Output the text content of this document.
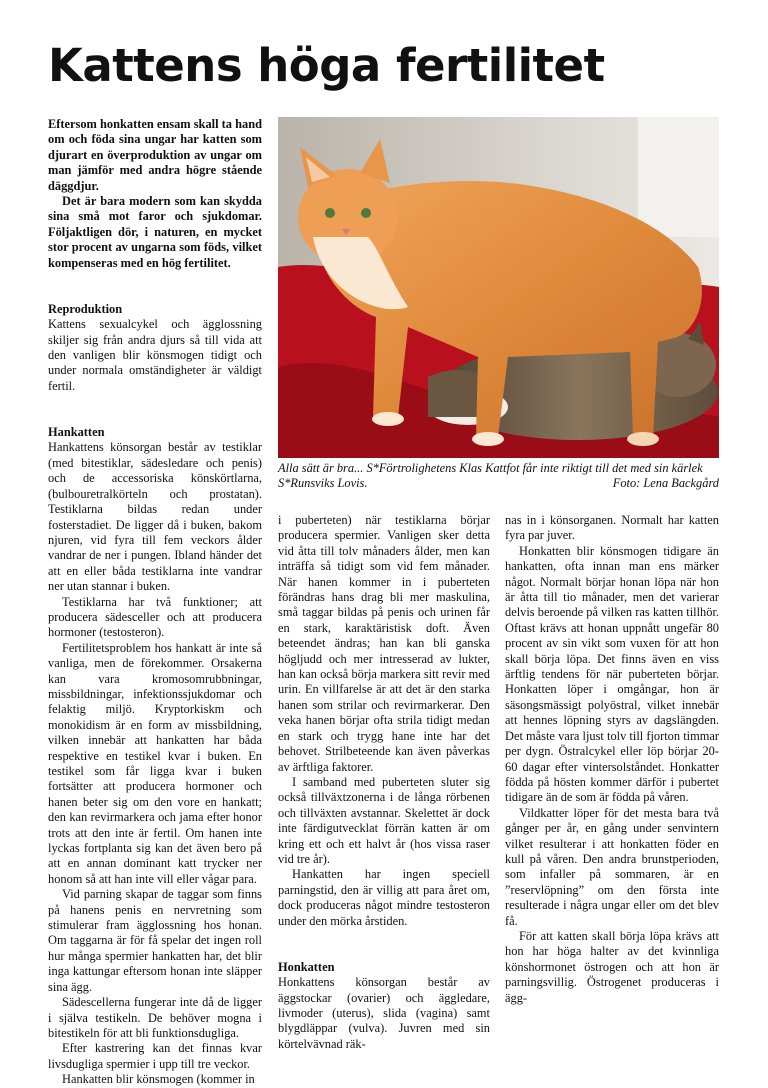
Kattens höga fertilitet

Eftersom honkatten ensam skall ta hand om och föda sina ungar har katten som djurart en överproduktion av ungar om man jämför med andra högre stående däggdjur.

Det är bara modern som kan skydda sina små mot faror och sjukdomar. Följaktligen dör, i naturen, en mycket stor procent av ungarna som föds, vilket kompenseras med en hög fertilitet.

Reproduktion

Kattens sexualcykel och ägglossning skiljer sig från andra djurs så till vida att den vanligen blir könsmogen tidigt och under normala omständigheter är väldigt fertil.

Hankatten

Hankattens könsorgan består av testiklar (med bitestiklar, sädesledare och penis) och de accessoriska könskörtlarna, (bulbouretralkörteln och prostatan). Testiklarna bildas redan under fosterstadiet. De ligger då i buken, bakom njuren, vid fyra till fem veckors ålder vandrar de ner i pungen. Ibland händer det att en eller båda testiklarna inte vandrar ner utan stannar i buken.

Testiklarna har två funktioner; att producera sädesceller och att producera hormoner (testosteron).

Fertilitetsproblem hos hankatt är inte så vanliga, men de förekommer. Orsakerna kan vara kromosomrubbningar, missbildningar, infektionssjukdomar och felaktig miljö. Kryptorkiskm och monokidism är en form av missbildning, vilken innebär att hankatten har båda respektive en testikel kvar i buken. En testikel som får ligga kvar i buken fortsätter att producera hormoner och hanen beter sig om den vore en hankatt; den kan revirmarkera och jama efter honor trots att den inte är fertil. Om hanen inte lyckas fortplanta sig kan det även bero på att en annan dominant katt trycker ner honom så att han inte vill eller vågar para.

Vid parning skapar de taggar som finns på hanens penis en nervretning som stimulerar fram ägglossning hos honan. Om taggarna är för få spelar det ingen roll hur många spermier hankatten har, det blir inga kattungar eftersom honan inte släpper sina ägg.

Sädescellerna fungerar inte då de ligger i själva testikeln. De behöver mogna i bitestikeln för att bli funktionsdugliga.

Efter kastrering kan det finnas kvar livsdugliga spermier i upp till tre veckor.

Hankatten blir könsmogen (kommer in

Alla sätt är bra... S*Förtrolighetens Klas Kattfot får inte riktigt till det med sin kärlek S*Runsviks Lovis.	Foto: Lena Backgård

i puberteten) när testiklarna börjar producera spermier. Vanligen sker detta vid åtta till tolv månaders ålder, men kan inträffa så tidigt som vid fem månader. När hanen kommer in i puberteten förändras hans drag bli mer maskulina, små taggar bildas på penis och urinen får en stark, karaktäristisk doft. Även beteendet ändras; han kan bli ganska högljudd och mer intresserad av lukter, han kan också börja markera sitt revir med urin. En villfarelse är att det är den starka hanen som strilar och revirmarkerar. Den veka hanen börjar ofta strila tidigt medan en stark och trygg hane inte har det behovet. Strilbeteende kan även påverkas av ärftliga faktorer.

I samband med puberteten sluter sig också tillväxtzonerna i de långa rörbenen och tillväxten avstannar. Skelettet är dock inte färdigutvecklat förrän katten är om kring ett och ett halvt år (hos vissa raser vid tre år).

Hankatten har ingen speciell parningstid, den är villig att para året om, dock produceras något mindre testosteron under den mörka årstiden.

Honkatten

Honkattens könsorgan består av äggstockar (ovarier) och äggledare, livmoder (uterus), slida (vagina) samt blygdläppar (vulva). Juvren med sin körtelvävnad räk-

nas in i könsorganen. Normalt har katten fyra par juver.

Honkatten blir könsmogen tidigare än hankatten, ofta innan man ens märker något. Normalt börjar honan löpa när hon är åtta till tio månader, men det varierar delvis beroende på vilken ras katten tillhör. Oftast krävs att honan uppnått ungefär 80 procent av sin vikt som vuxen för att hon skall börja löpa. Det finns även en viss ärftlig tendens för när puberteten börjar. Honkatten löper i omgångar, hon är säsongsmässigt polyöstral, vilket innebär att hennes löpning styrs av dagslängden. Det måste vara ljust tolv till fjorton timmar per dygn. Östralcykel eller löp börjar 20-60 dagar efter vintersolståndet. Honkatter födda på hösten kommer därför i pubertet tidigare än de som är födda på våren.

Vildkatter löper för det mesta bara två gånger per år, en gång under senvintern vilket resulterar i att honkatten föder en kull på våren. Den andra brunstperioden, som infaller på sommaren, är en ”reservlöpning” om den första inte resulterade i några ungar eller om det blev få.

För att katten skall börja löpa krävs att hon har höga halter av det kvinnliga könshormonet östrogen och att hon är parningsvillig. Östrogenet produceras i ägg-
